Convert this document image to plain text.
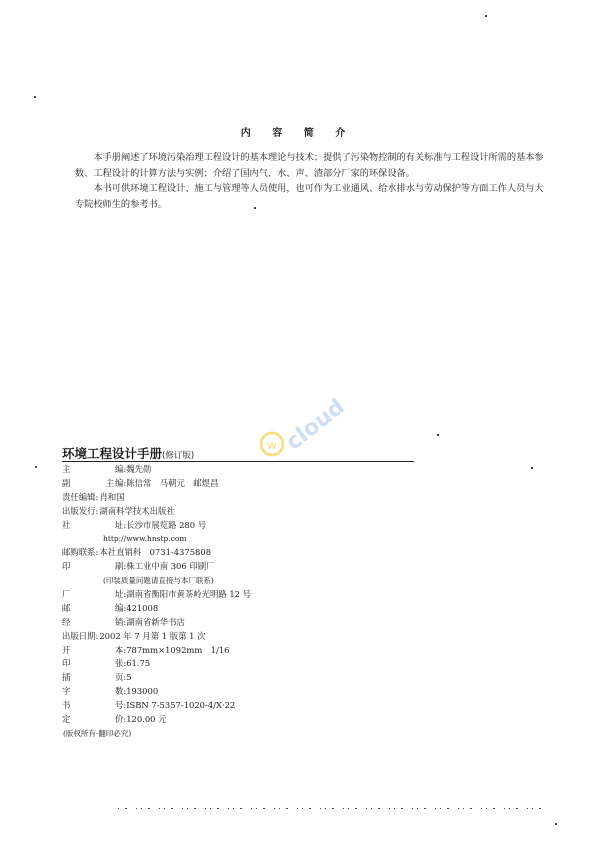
内 容 简 介

本手册阐述了环境污染治理工程设计的基本理论与技术；提供了污染物控制的有关标准与工程设计所需的基本参数、工程设计的计算方法与实例；介绍了国内气、水、声、渣部分厂家的环保设备。

本书可供环境工程设计、施工与管理等人员使用，也可作为工业通风、给水排水与劳动保护等方面工作人员与大专院校师生的参考书。

w cloud
环境工程设计手册(修订版)
主	编:魏先勋
副 主 编:陈信常　马朝元　邮煜昌
责任编辑: 肖和国
出版发行: 湖南科学技术出版社
社	址:长沙市展览路 280 号
http://www.hnstp.com
邮购联系: 本社直销科　0731-4375808
印	刷:株工业中南 306 印刷厂
(印装质量问题请直接与本厂联系)
厂	址:湖南省衡阳市黄茶岭光明路 12 号
邮	编:421008
经	销:湖南省新华书店
出版日期: 2002 年 7 月第 1 版第 1 次
开	本:787mm×1092mm　1/16
印	张:61.75
插	页:5
字	数:193000
书	号:ISBN 7-5357-1020-4/X·22
定	价:120.00 元
(版权所有·翻印必究)
